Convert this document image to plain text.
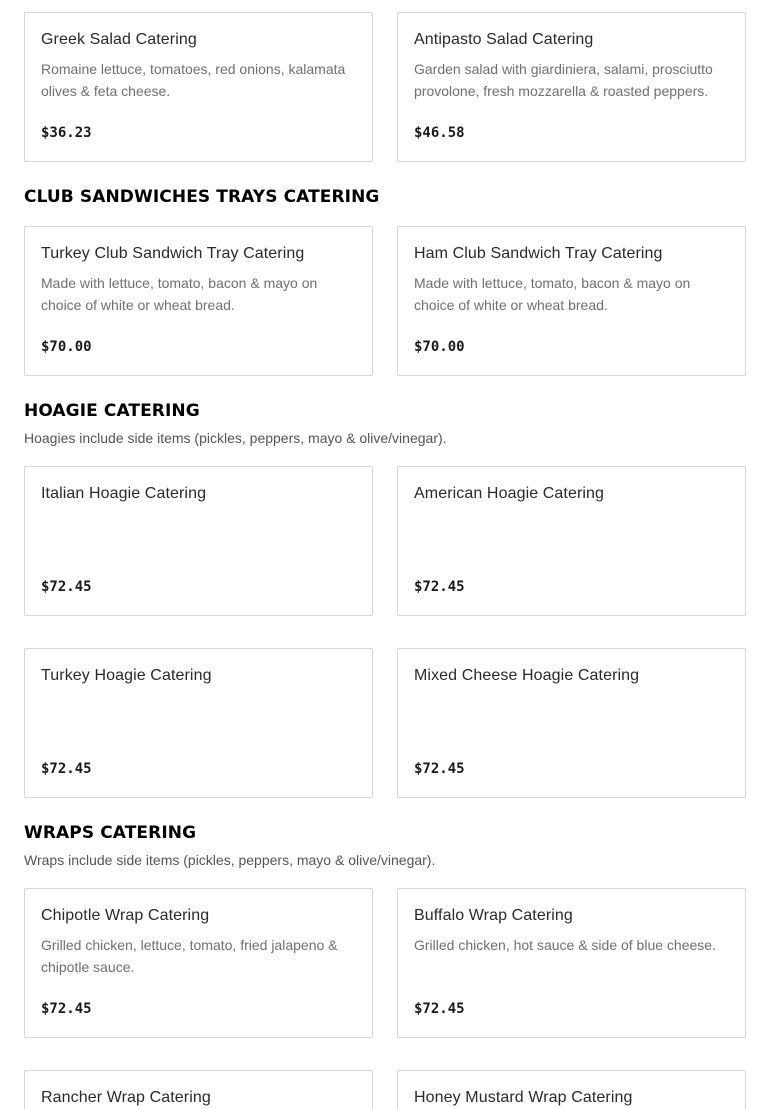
Greek Salad Catering
Romaine lettuce, tomatoes, red onions, kalamata olives & feta cheese.
$36.23
Antipasto Salad Catering
Garden salad with giardiniera, salami, prosciutto provolone, fresh mozzarella & roasted peppers.
$46.58
CLUB SANDWICHES TRAYS CATERING
Turkey Club Sandwich Tray Catering
Made with lettuce, tomato, bacon & mayo on choice of white or wheat bread.
$70.00
Ham Club Sandwich Tray Catering
Made with lettuce, tomato, bacon & mayo on choice of white or wheat bread.
$70.00
HOAGIE CATERING
Hoagies include side items (pickles, peppers, mayo & olive/vinegar).
Italian Hoagie Catering
$72.45
American Hoagie Catering
$72.45
Turkey Hoagie Catering
$72.45
Mixed Cheese Hoagie Catering
$72.45
WRAPS CATERING
Wraps include side items (pickles, peppers, mayo & olive/vinegar).
Chipotle Wrap Catering
Grilled chicken, lettuce, tomato, fried jalapeno & chipotle sauce.
$72.45
Buffalo Wrap Catering
Grilled chicken, hot sauce & side of blue cheese.
$72.45
Rancher Wrap Catering	Honey Mustard Wrap Catering
